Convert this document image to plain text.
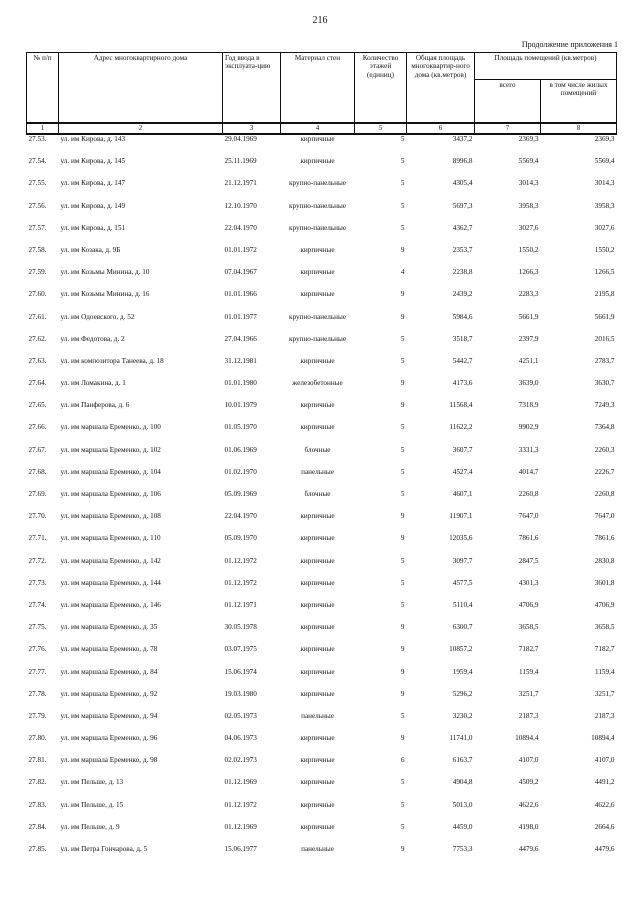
216
Продолжение приложения 1
№ п/п	Адрес многоквартирного дома	Год ввода в эксплуата-цию	Материал стен	Количество этажей (единиц)	Общая площадь многоквартир-ного дома (кв.метров)	Площадь помещений (кв.метров)	
						всего	в том числе жилых помещений
1	2	3	4	5	6	7	8
27.53.	ул. им Кирова, д. 143	29.04.1969	кирпичные	5	3437,2	2369,3	2369,3
27.54.	ул. им Кирова, д. 145	25.11.1969	кирпичные	5	8996,8	5569,4	5569,4
27.55.	ул. им Кирова, д. 147	21.12.1971	крупно-панельные	5	4305,4	3014,3	3014,3
27.56.	ул. им Кирова, д. 149	12.10.1970	крупно-панельные	5	5697,3	3958,3	3958,3
27.57.	ул. им Кирова, д. 151	22.04.1970	крупно-панельные	5	4362,7	3027,6	3027,6
27.58.	ул. им Козака, д. 9Б	01.01.1972	кирпичные	9	2353,7	1550,2	1550,2
27.59.	ул. им Козьмы Минина, д. 10	07.04.1967	кирпичные	4	2238,8	1266,3	1266,5
27.60.	ул. им Козьмы Минина, д. 16	01.01.1966	кирпичные	9	2439,2	2283,3	2195,8
27.61.	ул. им Одоевского, д. 52	01.01.1977	крупно-панельные	9	5984,6	5661,9	5661,9
27.62.	ул. им Федотова, д. 2	27.04.1966	крупно-панельные	5	3518,7	2397,9	2016,5
27.63.	ул. им композитора Танеева, д. 18	31.12.1981	кирпичные	5	5442,7	4251,1	2783,7
27.64.	ул. им Ломакина, д. 1	01.01.1980	железобетонные	9	4173,6	3639,0	3630,7
27.65.	ул. им Панферова, д. 6	10.01.1979	кирпичные	9	11568,4	7318,9	7249,3
27.66.	ул. им маршала Еременко, д. 100	01.05.1970	кирпичные	5	11622,2	9902,9	7364,8
27.67.	ул. им маршала Еременко, д. 102	01.06.1969	блочные	5	3607,7	3331,3	2260,3
27.68.	ул. им маршала Еременко, д. 104	01.02.1970	панельные	5	4527,4	4014,7	2226,7
27.69.	ул. им маршала Еременко, д. 106	05.09.1969	блочные	5	4607,1	2260,8	2260,8
27.70.	ул. им маршала Еременко, д. 108	22.04.1970	кирпичные	9	11907,1	7647,0	7647,0
27.71.	ул. им маршала Еременко, д. 110	05.09.1970	кирпичные	9	12035,6	7861,6	7861,6
27.72.	ул. им маршала Еременко, д. 142	01.12.1972	кирпичные	5	3097,7	2847,5	2830,8
27.73.	ул. им маршала Еременко, д. 144	01.12.1972	кирпичные	5	4577,5	4301,3	3601,8
27.74.	ул. им маршала Еременко, д. 146	01.12.1971	кирпичные	5	5110,4	4706,9	4706,9
27.75.	ул. им маршала Еременко, д. 35	30.05.1978	кирпичные	9	6300,7	3658,5	3658,5
27.76.	ул. им маршала Еременко, д. 78	03.07.1975	кирпичные	9	10857,2	7182,7	7182,7
27.77.	ул. им маршала Еременко, д. 84	15.06.1974	кирпичные	9	1959,4	1159,4	1159,4
27.78.	ул. им маршала Еременко, д. 92	19.03.1980	кирпичные	9	5296,2	3251,7	3251,7
27.79.	ул. им маршала Еременко, д. 94	02.05.1973	панельные	5	3230,2	2187,3	2187,3
27.80.	ул. им маршала Еременко, д. 96	04.06.1973	кирпичные	9	11741,0	10894,4	10894,4
27.81.	ул. им маршала Еременко, д. 98	02.02.1973	кирпичные	6	6163,7	4107,0	4107,0
27.82.	ул. им Пельше, д. 13	01.12.1969	кирпичные	5	4904,8	4509,2	4491,2
27.83.	ул. им Пельше, д. 15	01.12.1972	кирпичные	5	5013,0	4622,6	4622,6
27.84.	ул. им Пельше, д. 9	01.12.1969	кирпичные	5	4459,0	4198,0	2664,6
27.85.	ул. им Петра Гончарова, д. 5	15.06.1977	панельные	9	7753,3	4479,6	4479,6
